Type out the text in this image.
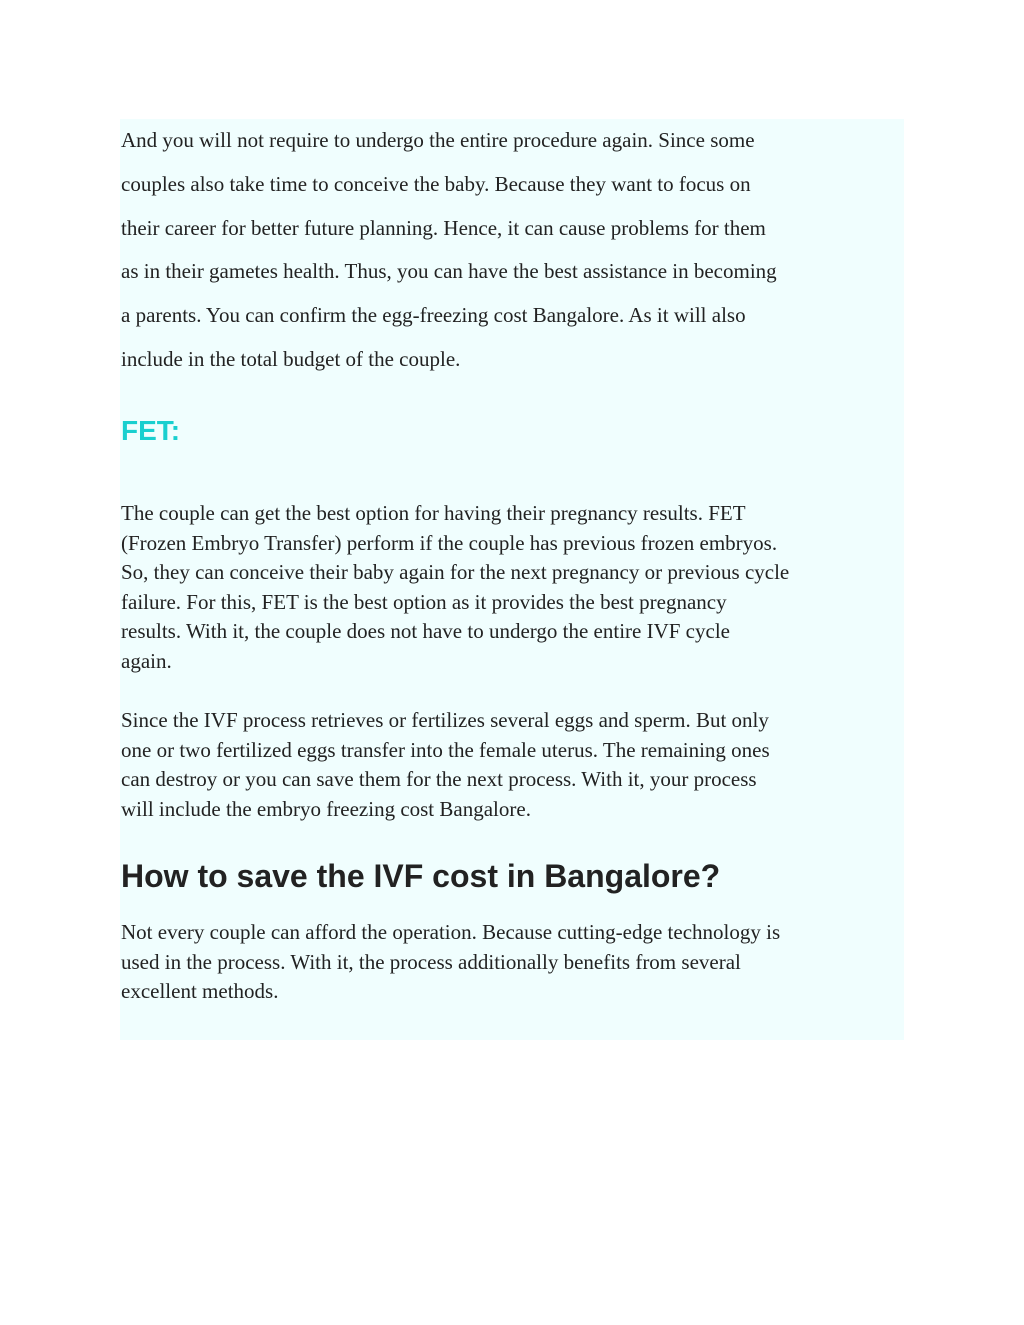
And you will not require to undergo the entire procedure again. Since some
couples also take time to conceive the baby. Because they want to focus on
their career for better future planning. Hence, it can cause problems for them
as in their gametes health. Thus, you can have the best assistance in becoming
a parents. You can confirm the egg-freezing cost Bangalore. As it will also
include in the total budget of the couple.

FET:

The couple can get the best option for having their pregnancy results. FET
(Frozen Embryo Transfer) perform if the couple has previous frozen embryos.
So, they can conceive their baby again for the next pregnancy or previous cycle
failure. For this, FET is the best option as it provides the best pregnancy
results. With it, the couple does not have to undergo the entire IVF cycle
again.

Since the IVF process retrieves or fertilizes several eggs and sperm. But only
one or two fertilized eggs transfer into the female uterus. The remaining ones
can destroy or you can save them for the next process. With it, your process
will include the embryo freezing cost Bangalore.

How to save the IVF cost in Bangalore?

Not every couple can afford the operation. Because cutting-edge technology is
used in the process. With it, the process additionally benefits from several
excellent methods.
